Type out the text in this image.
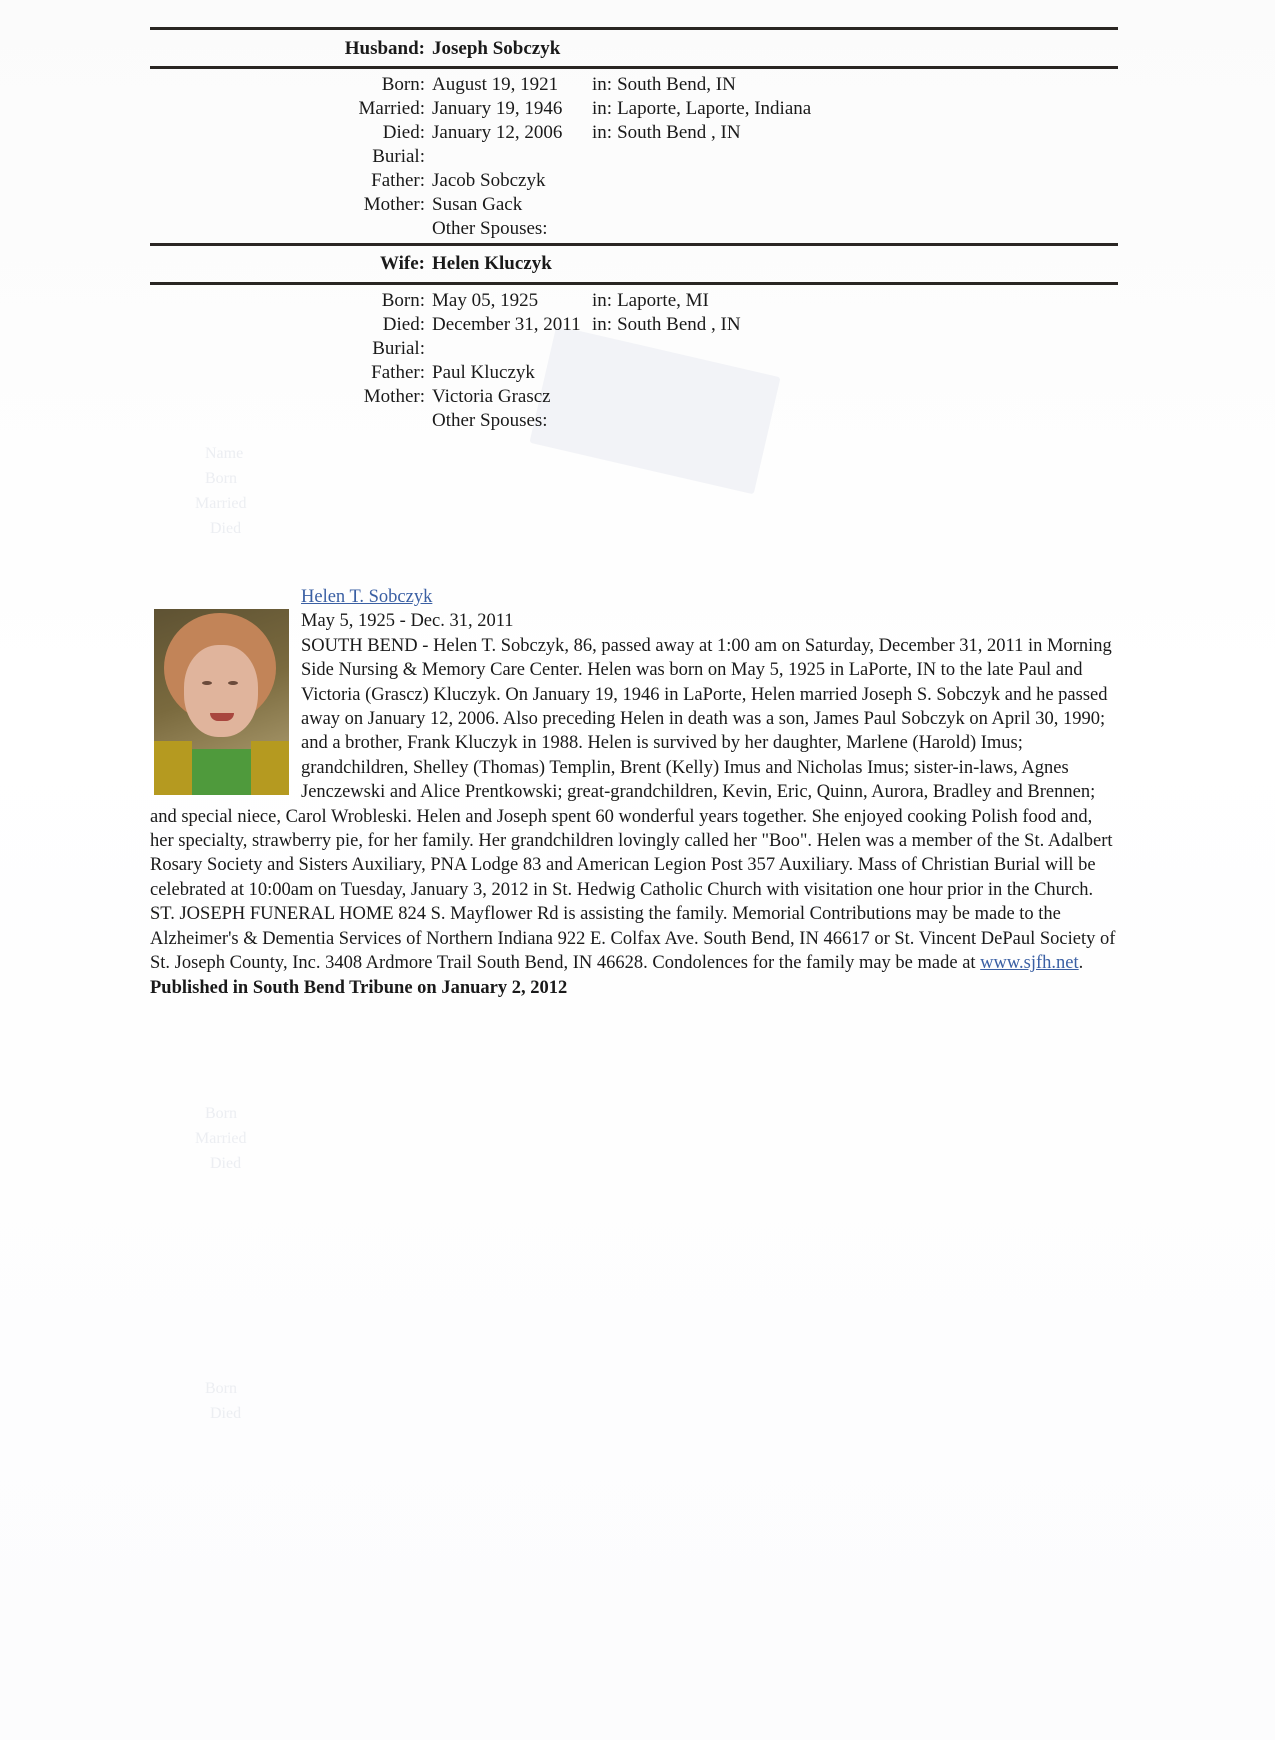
Name
Born
Married
Died
Born
Married
Died
Born
Died
Husband: Joseph Sobczyk
Born: August 19, 1921 in: South Bend, IN
Married: January 19, 1946 in: Laporte, Laporte, Indiana
Died: January 12, 2006 in: South Bend , IN
Burial:
Father: Jacob Sobczyk
Mother: Susan Gack
Other Spouses:
Wife: Helen Kluczyk
Born: May 05, 1925	in: Laporte, MI
Died: December 31, 2011 in: South Bend , IN
Burial:
Father: Paul Kluczyk
Mother: Victoria Grascz
Other Spouses:
Helen T. Sobczyk
May 5, 1925 - Dec. 31, 2011
SOUTH BEND - Helen T. Sobczyk, 86, passed away at 1:00 am on Saturday, December 31, 2011 in Morning Side Nursing & Memory Care Center. Helen was born on May 5, 1925 in LaPorte, IN to the late Paul and Victoria (Grascz) Kluczyk. On January 19, 1946 in LaPorte, Helen married Joseph S. Sobczyk and he passed away on January 12, 2006. Also preceding Helen in death was a son, James Paul Sobczyk on April 30, 1990; and a brother, Frank Kluczyk in 1988. Helen is survived by her daughter, Marlene (Harold) Imus; grandchildren, Shelley (Thomas) Templin, Brent (Kelly) Imus and Nicholas Imus; sister-in-laws, Agnes Jenczewski and Alice Prentkowski; great-grandchildren, Kevin, Eric, Quinn, Aurora, Bradley and Brennen; and special niece, Carol Wrobleski. Helen and Joseph spent 60 wonderful years together. She enjoyed cooking Polish food and, her specialty, strawberry pie, for her family. Her grandchildren lovingly called her "Boo". Helen was a member of the St. Adalbert Rosary Society and Sisters Auxiliary, PNA Lodge 83 and American Legion Post 357 Auxiliary. Mass of Christian Burial will be celebrated at 10:00am on Tuesday, January 3, 2012 in St. Hedwig Catholic Church with visitation one hour prior in the Church. ST. JOSEPH FUNERAL HOME 824 S. Mayflower Rd is assisting the family. Memorial Contributions may be made to the Alzheimer's & Dementia Services of Northern Indiana 922 E. Colfax Ave. South Bend, IN 46617 or St. Vincent DePaul Society of St. Joseph County, Inc. 3408 Ardmore Trail South Bend, IN 46628. Condolences for the family may be made at www.sjfh.net.
Published in South Bend Tribune on January 2, 2012
